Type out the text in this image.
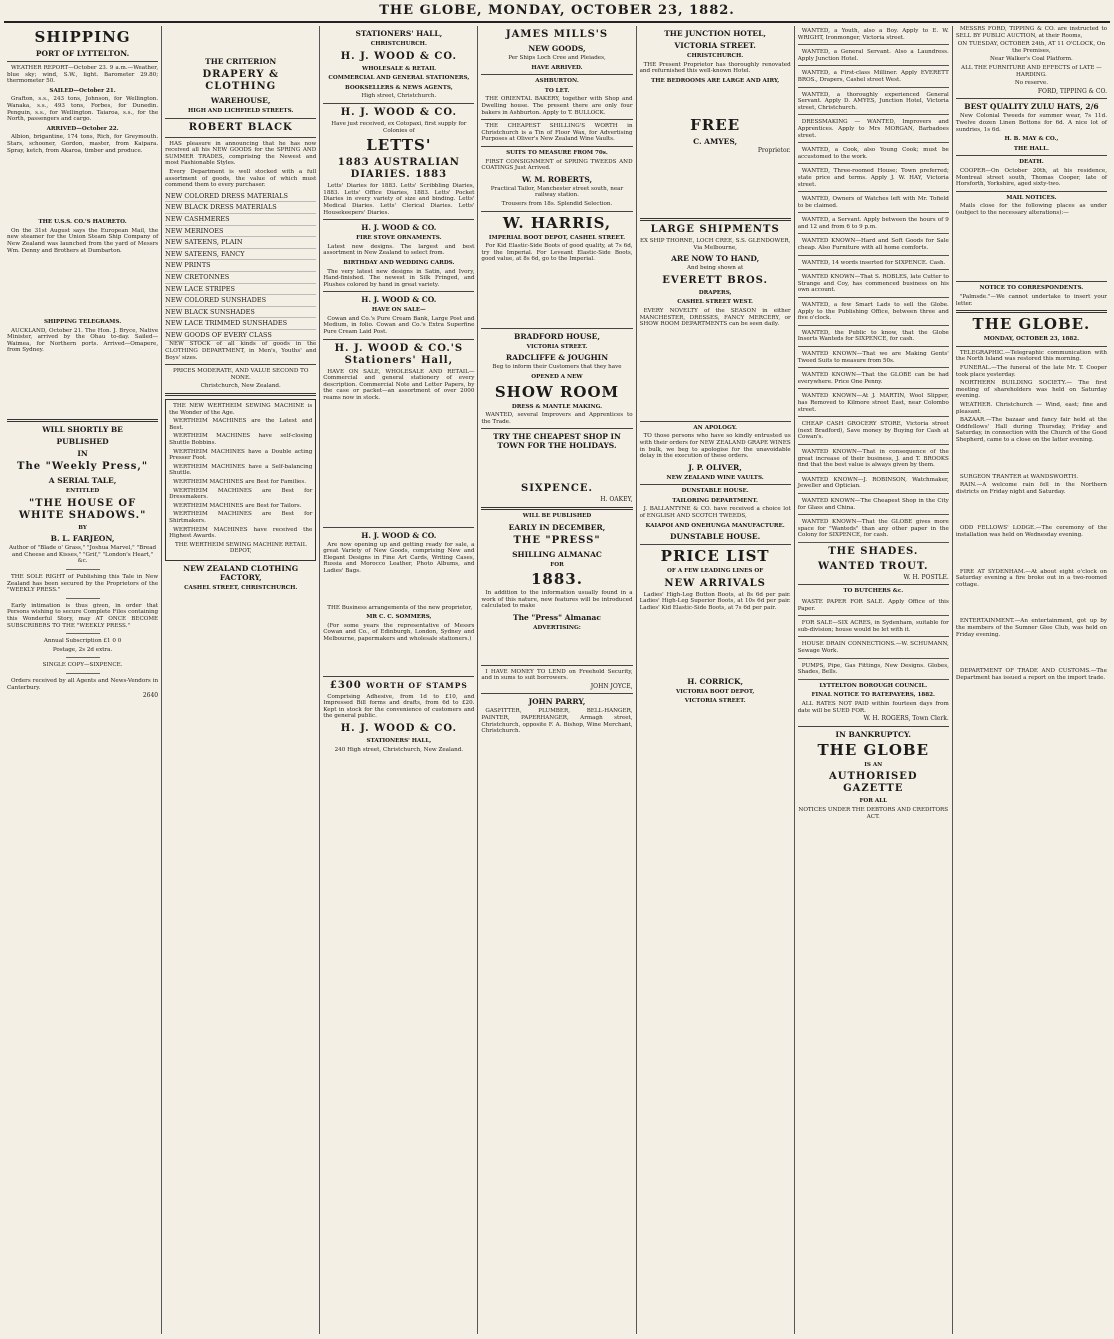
THE GLOBE, MONDAY, OCTOBER 23, 1882.
SHIPPING
PORT OF LYTTELTON.

WEATHER REPORT—October 23. 9 a.m.—Weather, blue sky; wind, S.W., light. Barometer 29.80; thermometer 50.

SAILED—October 21.

Grafton, s.s., 243 tons, Johnson, for Wellington. Wanaka, s.s., 493 tons, Forbes, for Dunedin. Penguin, s.s., for Wellington. Taiaroa, s.s., for the North, passengers and cargo.

ARRIVED—October 22.

Albion, brigantine, 174 tons, Rich, for Greymouth. Stars, schooner, Gordon, master, from Kaipara. Spray, ketch, from Akaroa, timber and produce.

THE U.S.S. CO.'S HAURETO.

On the 31st August says the European Mail, the new steamer for the Union Steam Ship Company of New Zealand was launched from the yard of Messrs Wm. Denny and Brothers at Dumbarton.

SHIPPING TELEGRAMS.

AUCKLAND, October 21. The Hon. J. Bryce, Native Minister, arrived by the Ohau to-day. Sailed—Waimea, for Northern ports. Arrived—Omapere, from Sydney.

WILL SHORTLY BE
PUBLISHED
IN
The "Weekly Press,"
A SERIAL TALE,
ENTITLED
"THE HOUSE OF WHITE SHADOWS."
BY
B. L. FARJEON,

Author of "Blade o' Grass," "Joshua Marvel," "Bread and Cheese and Kisses," "Grif," "London's Heart," &c.

THE SOLE RIGHT of Publishing this Tale in New Zealand has been secured by the Proprietors of the "WEEKLY PRESS."

Early intimation is thus given, in order that Persons wishing to secure Complete Files containing this Wonderful Story, may AT ONCE BECOME SUBSCRIBERS TO THE "WEEKLY PRESS."

Annual Subscription £1 0 0

Postage, 2s 2d extra.

SINGLE COPY—SIXPENCE.

Orders received by all Agents and News-Vendors in Canterbury.

2640
THE CRITERION
DRAPERY & CLOTHING
WAREHOUSE,
HIGH AND LICHFIELD STREETS.
ROBERT BLACK

HAS pleasure in announcing that he has now received all his NEW GOODS for the SPRING AND SUMMER TRADES, comprising the Newest and most Fashionable Styles.

Every Department is well stocked with a full assortment of goods, the value of which must commend them to every purchaser.

NEW COLORED DRESS MATERIALS
NEW BLACK DRESS MATERIALS
NEW CASHMERES
NEW MERINOES
NEW SATEENS, PLAIN
NEW SATEENS, FANCY
NEW PRINTS
NEW CRETONNES
NEW LACE STRIPES
NEW COLORED SUNSHADES
NEW BLACK SUNSHADES
NEW LACE TRIMMED SUNSHADES
NEW GOODS OF EVERY CLASS

NEW STOCK of all kinds of goods in the CLOTHING DEPARTMENT, in Men's, Youths' and Boys' sizes.

PRICES MODERATE, AND VALUE SECOND TO NONE.

Christchurch, New Zealand.

THE NEW WERTHEIM SEWING MACHINE is the Wonder of the Age.

WERTHEIM MACHINES are the Latest and Best.

WERTHEIM MACHINES have self-closing Shuttle Bobbins.

WERTHEIM MACHINES have a Double acting Presser Foot.

WERTHEIM MACHINES have a Self-balancing Shuttle.

WERTHEIM MACHINES are Best for Families.

WERTHEIM MACHINES are Best for Dressmakers.

WERTHEIM MACHINES are Best for Tailors.

WERTHEIM MACHINES are Best for Shirtmakers.

WERTHEIM MACHINES have received the Highest Awards.

THE WERTHEIM SEWING MACHINE RETAIL DEPOT,

NEW ZEALAND CLOTHING FACTORY,
CASHEL STREET, CHRISTCHURCH.
STATIONERS' HALL,
CHRISTCHURCH.
H. J. WOOD & CO.
WHOLESALE & RETAIL
COMMERCIAL AND GENERAL STATIONERS,
BOOKSELLERS & NEWS AGENTS,

High street, Christchurch.

H. J. WOOD & CO.

Have just received, ex Cotopaxi, first supply for Colonies of

LETTS'
1883 AUSTRALIAN DIARIES. 1883

Letts' Diaries for 1883. Letts' Scribbling Diaries, 1883. Letts' Office Diaries, 1883. Letts' Pocket Diaries in every variety of size and binding. Letts' Medical Diaries. Letts' Clerical Diaries. Letts' Housekeepers' Diaries.

H. J. WOOD & CO.
FIRE STOVE ORNAMENTS.

Latest new designs. The largest and best assortment in New Zealand to select from.

BIRTHDAY AND WEDDING CARDS.

The very latest new designs in Satin, and Ivory, Hand-finished. The newest in Silk Fringed, and Plushes colored by hand in great variety.

H. J. WOOD & CO.
HAVE ON SALE—

Cowan and Co.'s Pure Cream Bank, Large Post and Medium, in folio. Cowan and Co.'s Extra Superfine Pure Cream Laid Post.

H. J. WOOD & CO.'S Stationers' Hall,

HAVE ON SALE, WHOLESALE AND RETAIL—Commercial and general stationery of every description. Commercial Note and Letter Papers, by the case or packet—an assortment of over 2000 reams now in stock.

H. J. WOOD & CO.

Are now opening up and getting ready for sale, a great Variety of New Goods, comprising New and Elegant Designs in Fine Art Cards, Writing Cases, Russia and Morocco Leather, Photo Albums, and Ladies' Bags.

THE Business arrangements of the new proprietor,

MR C. C. SOMMERS,

(For some years the representative of Messrs Cowan and Co., of Edinburgh, London, Sydney and Melbourne, papermakers and wholesale stationers.)

£300 WORTH OF STAMPS

Comprising Adhesive, from 1d to £10, and Impressed Bill forms and drafts, from 6d to £20. Kept in stock for the convenience of customers and the general public.

H. J. WOOD & CO.
STATIONERS' HALL,

240 High street, Christchurch, New Zealand.

JAMES MILLS'S
NEW GOODS,

Per Ships Loch Cree and Pleiades,

HAVE ARRIVED.
ASHBURTON.
TO LET.

THE ORIENTAL BAKERY, together with Shop and Dwelling house. The present there are only four bakers in Ashburton. Apply to T. BULLOCK.

THE CHEAPEST SHILLING'S WORTH in Christchurch is a Tin of Floor Wax, for Advertising Purposes at Oliver's New Zealand Wine Vaults.

SUITS TO MEASURE FROM 70s.

FIRST CONSIGNMENT of SPRING TWEEDS AND COATINGS Just Arrived.

W. M. ROBERTS,

Practical Tailor, Manchester street south, near railway station.

Trousers from 18s. Splendid Selection.

W. HARRIS,
IMPERIAL BOOT DEPOT, CASHEL STREET.

For Kid Elastic-Side Boots of good quality, at 7s 6d, try the Imperial. For Leveant Elastic-Side Boots, good value, at 8s 6d, go to the Imperial.

BRADFORD HOUSE,
VICTORIA STREET.
RADCLIFFE & JOUGHIN

Beg to inform their Customers that they have

OPENED A NEW
SHOW ROOM
DRESS & MANTLE MAKING.

WANTED, several Improvers and Apprentices to the Trade.

TRY THE CHEAPEST SHOP IN TOWN FOR THE HOLIDAYS.
SIXPENCE.
H. OAKEY,
WILL BE PUBLISHED
EARLY IN DECEMBER,
THE "PRESS"
SHILLING ALMANAC
FOR
1883.

In addition to the information usually found in a work of this nature, new features will be introduced calculated to make

The "Press" Almanac
ADVERTISING:

I HAVE MONEY TO LEND on Freehold Security, and in sums to suit borrowers.

JOHN JOYCE,
JOHN PARRY,

GASFITTER, PLUMBER, BELL-HANGER, PAINTER, PAPERHANGER, Armagh street, Christchurch, opposite F. A. Bishop, Wine Merchant, Christchurch.

THE JUNCTION HOTEL,
VICTORIA STREET.
CHRISTCHURCH.

THE Present Proprietor has thoroughly renovated and refurnished this well-known Hotel.

THE BEDROOMS ARE LARGE AND AIRY,
FREE
C. AMYES,
Proprietor.
LARGE SHIPMENTS

EX SHIP THORNE, LOCH CREE, S.S. GLENDOWER, Via Melbourne,

ARE NOW TO HAND,

And being shown at

EVERETT BROS.
DRAPERS,
CASHEL STREET WEST.

EVERY NOVELTY of the SEASON in either MANCHESTER, DRESSES, FANCY MERCERY, or SHOW ROOM DEPARTMENTS can be seen daily.

AN APOLOGY.

TO those persons who have so kindly entrusted us with their orders for NEW ZEALAND GRAPE WINES in bulk, we beg to apologise for the unavoidable delay in the execution of these orders.

J. P. OLIVER,
NEW ZEALAND WINE VAULTS.
DUNSTABLE HOUSE.
TAILORING DEPARTMENT.

J. BALLANTYNE & CO. have received a choice lot of ENGLISH AND SCOTCH TWEEDS,

KAIAPOI AND ONEHUNGA MANUFACTURE.
DUNSTABLE HOUSE.
PRICE LIST
OF A FEW LEADING LINES OF
NEW ARRIVALS

Ladies' High-Leg Button Boots, at 8s 6d per pair. Ladies' High-Leg Superior Boots, at 10s 6d per pair. Ladies' Kid Elastic-Side Boots, at 7s 6d per pair.

H. CORRICK,
VICTORIA BOOT DEPOT,
VICTORIA STREET.

WANTED, a Youth, also a Boy. Apply to E. W. WRIGHT, Ironmonger, Victoria street.

WANTED, a General Servant. Also a Laundress. Apply Junction Hotel.

WANTED, a First-class Milliner. Apply EVERETT BROS., Drapers, Cashel street West.

WANTED, a thoroughly experienced General Servant. Apply D. AMYES, Junction Hotel, Victoria street, Christchurch.

DRESSMAKING — WANTED, Improvers and Apprentices. Apply to Mrs MORGAN, Barbadoes street.

WANTED, a Cook, also Young Cook; must be accustomed to the work.

WANTED, Three-roomed House; Town preferred; state price and terms. Apply J. W. HAY, Victoria street.

WANTED, Owners of Watches left with Mr. Tofield to be claimed.

WANTED, a Servant. Apply between the hours of 9 and 12 and from 6 to 9 p.m.

WANTED KNOWN—Hard and Soft Goods for Sale cheap. Also Furniture with all home comforts.

WANTED, 14 words inserted for SIXPENCE. Cash.

WANTED KNOWN—That S. ROBLES, late Cutter to Strange and Coy, has commenced business on his own account.

WANTED, a few Smart Lads to sell the Globe. Apply to the Publishing Office, between three and five o'clock.

WANTED, the Public to know, that the Globe Inserts Wanteds for SIXPENCE, for cash.

WANTED KNOWN—That we are Making Gents' Tweed Suits to measure from 50s.

WANTED KNOWN—That the GLOBE can be had everywhere. Price One Penny.

WANTED KNOWN—At J. MARTIN, Wool Slipper, has Removed to Kilmore street East, near Colombo street.

CHEAP CASH GROCERY STORE, Victoria street (next Bradford), Save money by Buying for Cash at Cowan's.

WANTED KNOWN—That in consequence of the great increase of their business, J. and T. BROOKS find that the best value is always given by them.

WANTED KNOWN—J. ROBINSON, Watchmaker, Jeweller and Optician.

WANTED KNOWN—The Cheapest Shop in the City for Glass and China.

WANTED KNOWN—That the GLOBE gives more space for "Wanteds" than any other paper in the Colony for SIXPENCE, for cash.

THE SHADES.
WANTED TROUT.
W. H. POSTLE.
TO BUTCHERS &c.

WASTE PAPER FOR SALE. Apply Office of this Paper.

FOR SALE—SIX ACRES, in Sydenham, suitable for sub-division; house would be let with it.

HOUSE DRAIN CONNECTIONS.—W. SCHUMANN, Sewage Work.

PUMPS, Pipe, Gas Fittings, New Designs. Globes, Shades, Bells.

LYTTELTON BOROUGH COUNCIL.
FINAL NOTICE TO RATEPAYERS, 1882.

ALL RATES NOT PAID within fourteen days from date will be SUED FOR.

W. H. ROGERS, Town Clerk.
IN BANKRUPTCY.
THE GLOBE
IS AN
AUTHORISED GAZETTE
FOR ALL

NOTICES UNDER THE DEBTORS AND CREDITORS ACT.

MESSRS FORD, TIPPING & CO. are instructed to SELL BY PUBLIC AUCTION, at their Rooms,

ON TUESDAY, OCTOBER 24th, AT 11 O'CLOCK, On the Premises,

Near Walker's Coal Platform.

ALL THE FURNITURE AND EFFECTS of LATE — HARDING.

No reserve.

FORD, TIPPING & CO.
BEST QUALITY ZULU HATS, 2/6

New Colonial Tweeds for summer wear, 7s 11d. Twelve dozen Linen Bottons for 6d. A nice lot of sundries, 1s 6d.

H. B. MAY & CO.,
THE HALL.
DEATH.

COOPER—On October 20th, at his residence, Montreal street south, Thomas Cooper, late of Horsforth, Yorkshire, aged sixty-two.

MAIL NOTICES.

Mails close for the following places as under (subject to the necessary alterations):—

NOTICE TO CORRESPONDENTS.

"Palmsde."—We cannot undertake to insert your letter.

THE GLOBE.
MONDAY, OCTOBER 23, 1882.

TELEGRAPHIC.—Telegraphic communication with the North Island was restored this morning.

FUNERAL.—The funeral of the late Mr. T. Cooper took place yesterday.

NORTHERN BUILDING SOCIETY.— The first meeting of shareholders was held on Saturday evening.

WEATHER. Christchurch — Wind, east; fine and pleasant.

BAZAAR.—The bazaar and fancy fair held at the Oddfellows' Hall during Thursday, Friday and Saturday, in connection with the Church of the Good Shepherd, came to a close on the latter evening.

SURGEON TRANTER at WANDSWORTH.

RAIN.—A welcome rain fell in the Northern districts on Friday night and Saturday.

ODD FELLOWS' LODGE.—The ceremony of the installation was held on Wednesday evening.

FIRE AT SYDENHAM.—At about eight o'clock on Saturday evening a fire broke out in a two-roomed cottage.

ENTERTAINMENT.—An entertainment, got up by the members of the Sumner Glee Club, was held on Friday evening.

DEPARTMENT OF TRADE AND CUSTOMS.—The Department has issued a report on the import trade.
